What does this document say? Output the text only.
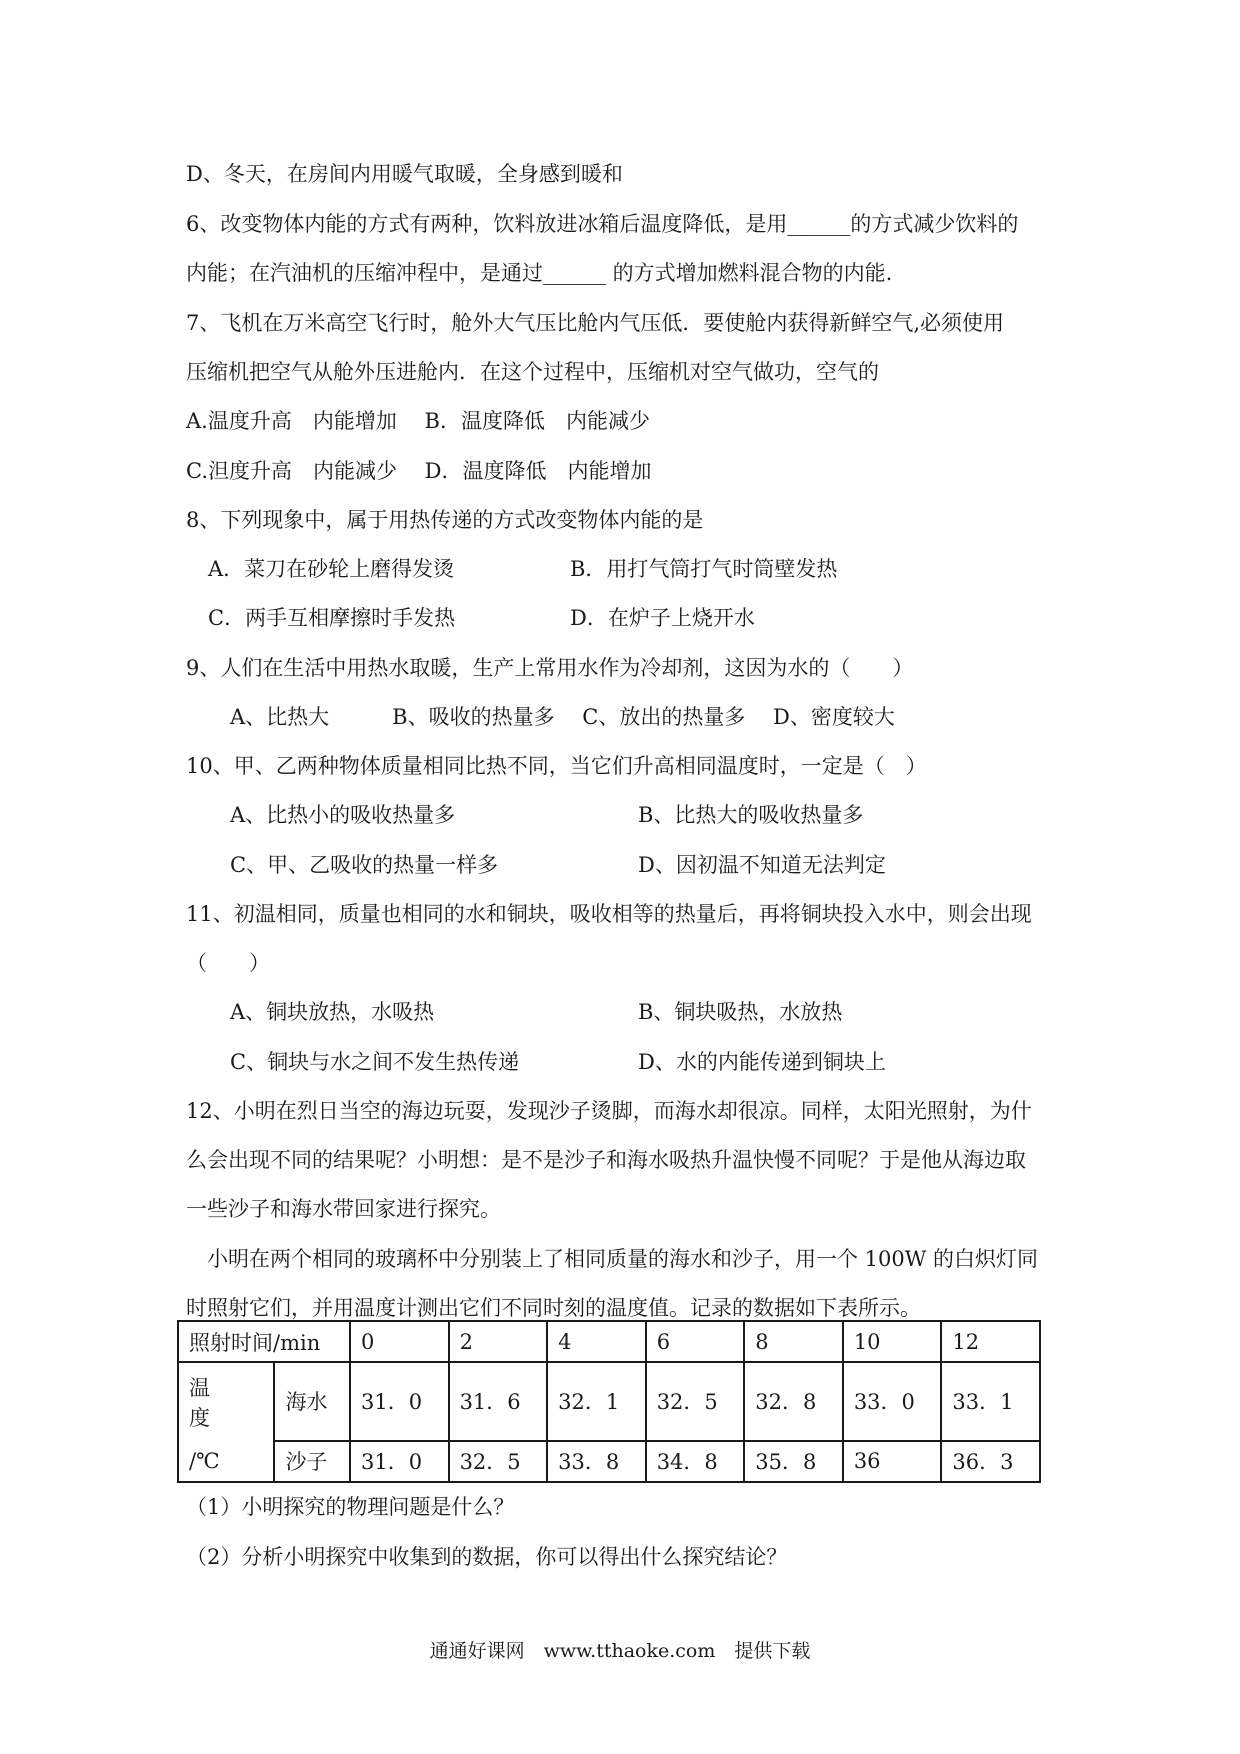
D、冬天，在房间内用暖气取暖，全身感到暖和
6、改变物体内能的方式有两种，饮料放进冰箱后温度降低，是用______的方式减少饮料的
内能；在汽油机的压缩冲程中，是通过______ 的方式增加燃料混合物的内能.
7、飞机在万米高空飞行时，舱外大气压比舱内气压低．要使舱内获得新鲜空气,必须使用
压缩机把空气从舱外压进舱内．在这个过程中，压缩机对空气做功，空气的
A.温度升高　内能增加　 B．温度降低　内能减少
C.泹度升高　内能减少　 D．温度降低　内能增加
8、下列现象中，属于用热传递的方式改变物体内能的是
A．菜刀在砂轮上磨得发烫	B．用打气筒打气时筒壁发热
C．两手互相摩擦时手发热	D．在炉子上烧开水
9、人们在生活中用热水取暖，生产上常用水作为冷却剂，这因为水的（　　）
A、比热大　　　B、吸收的热量多　 C、放出的热量多　 D、密度较大
10、甲、乙两种物体质量相同比热不同，当它们升高相同温度时，一定是（　）
A、比热小的吸收热量多	B、比热大的吸收热量多
C、甲、乙吸收的热量一样多	D、因初温不知道无法判定
11、初温相同，质量也相同的水和铜块，吸收相等的热量后，再将铜块投入水中，则会出现
（　　）
A、铜块放热，水吸热	B、铜块吸热，水放热
C、铜块与水之间不发生热传递	D、水的内能传递到铜块上
12、小明在烈日当空的海边玩耍，发现沙子烫脚，而海水却很凉。同样，太阳光照射，为什
么会出现不同的结果呢？小明想：是不是沙子和海水吸热升温快慢不同呢？于是他从海边取
一些沙子和海水带回家进行探究。
　小明在两个相同的玻璃杯中分别装上了相同质量的海水和沙子，用一个 100W 的白炽灯同
时照射它们，并用温度计测出它们不同时刻的温度值。记录的数据如下表所示。
照射时间/min		0	2	4	6	8	10	12
温　　度	海水	31．0	31．6	32．1	32．5	32．8	33．0	33．1
/℃	沙子	31．0	32．5	33．8	34．8	35．8	36	36．3
（1）小明探究的物理问题是什么？
（2）分析小明探究中收集到的数据，你可以得出什么探究结论？
通通好课网　www.tthaoke.com　提供下载
